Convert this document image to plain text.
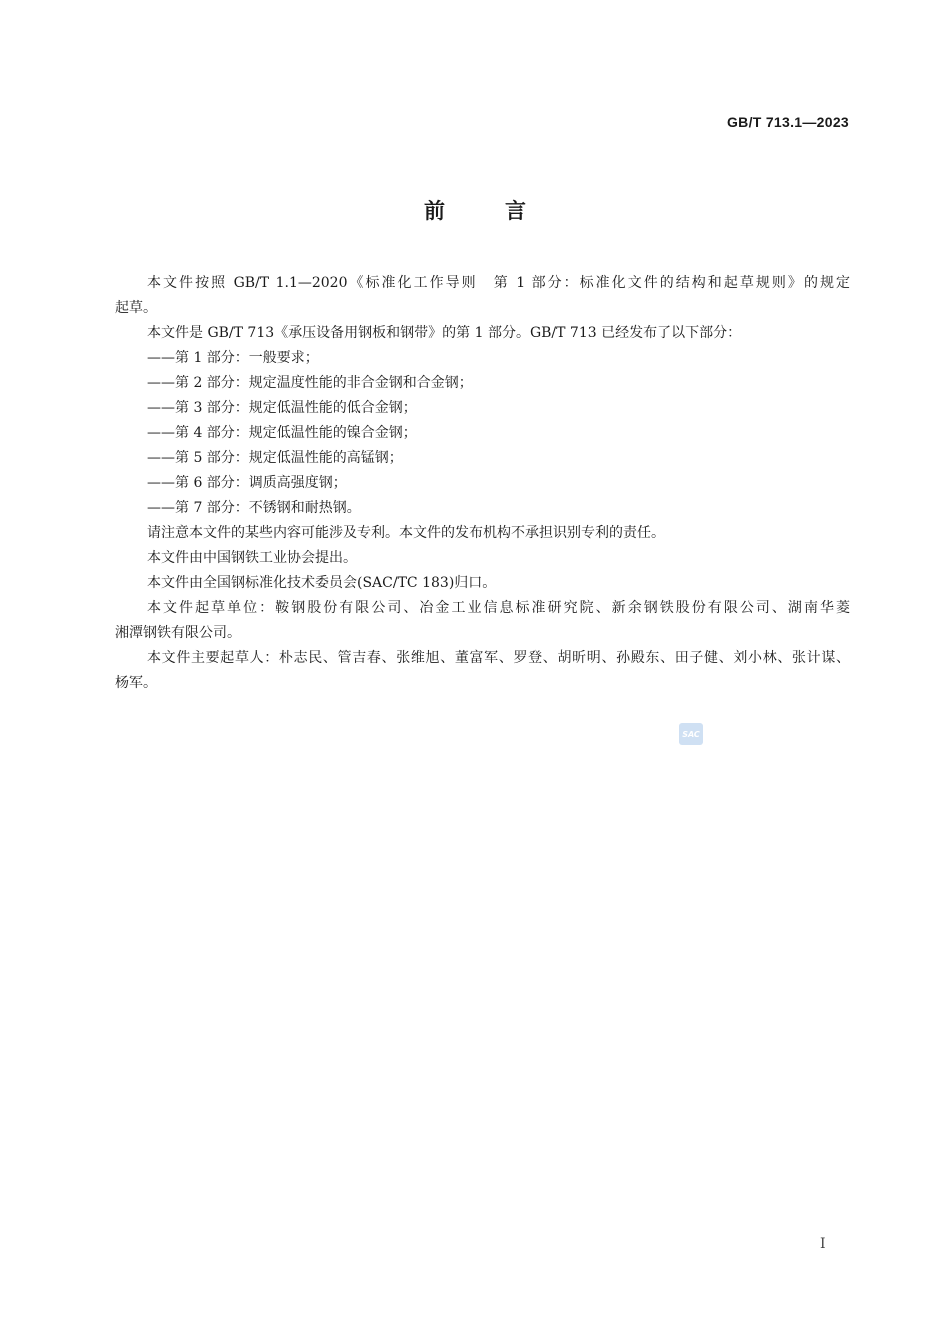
GB/T 713.1—2023
前言
本文件按照 GB/T 1.1—2020《标准化工作导则　第 1 部分：标准化文件的结构和起草规则》的规定
起草。
本文件是 GB/T 713《承压设备用钢板和钢带》的第 1 部分。GB/T 713 已经发布了以下部分：
——第 1 部分：一般要求；
——第 2 部分：规定温度性能的非合金钢和合金钢；
——第 3 部分：规定低温性能的低合金钢；
——第 4 部分：规定低温性能的镍合金钢；
——第 5 部分：规定低温性能的高锰钢；
——第 6 部分：调质高强度钢；
——第 7 部分：不锈钢和耐热钢。
请注意本文件的某些内容可能涉及专利。本文件的发布机构不承担识别专利的责任。
本文件由中国钢铁工业协会提出。
本文件由全国钢标准化技术委员会(SAC/TC 183)归口。
本文件起草单位：鞍钢股份有限公司、冶金工业信息标准研究院、新余钢铁股份有限公司、湖南华菱
湘潭钢铁有限公司。
本文件主要起草人：朴志民、管吉春、张维旭、董富军、罗登、胡昕明、孙殿东、田子健、刘小林、张计谋、
杨军。
SAC
I
